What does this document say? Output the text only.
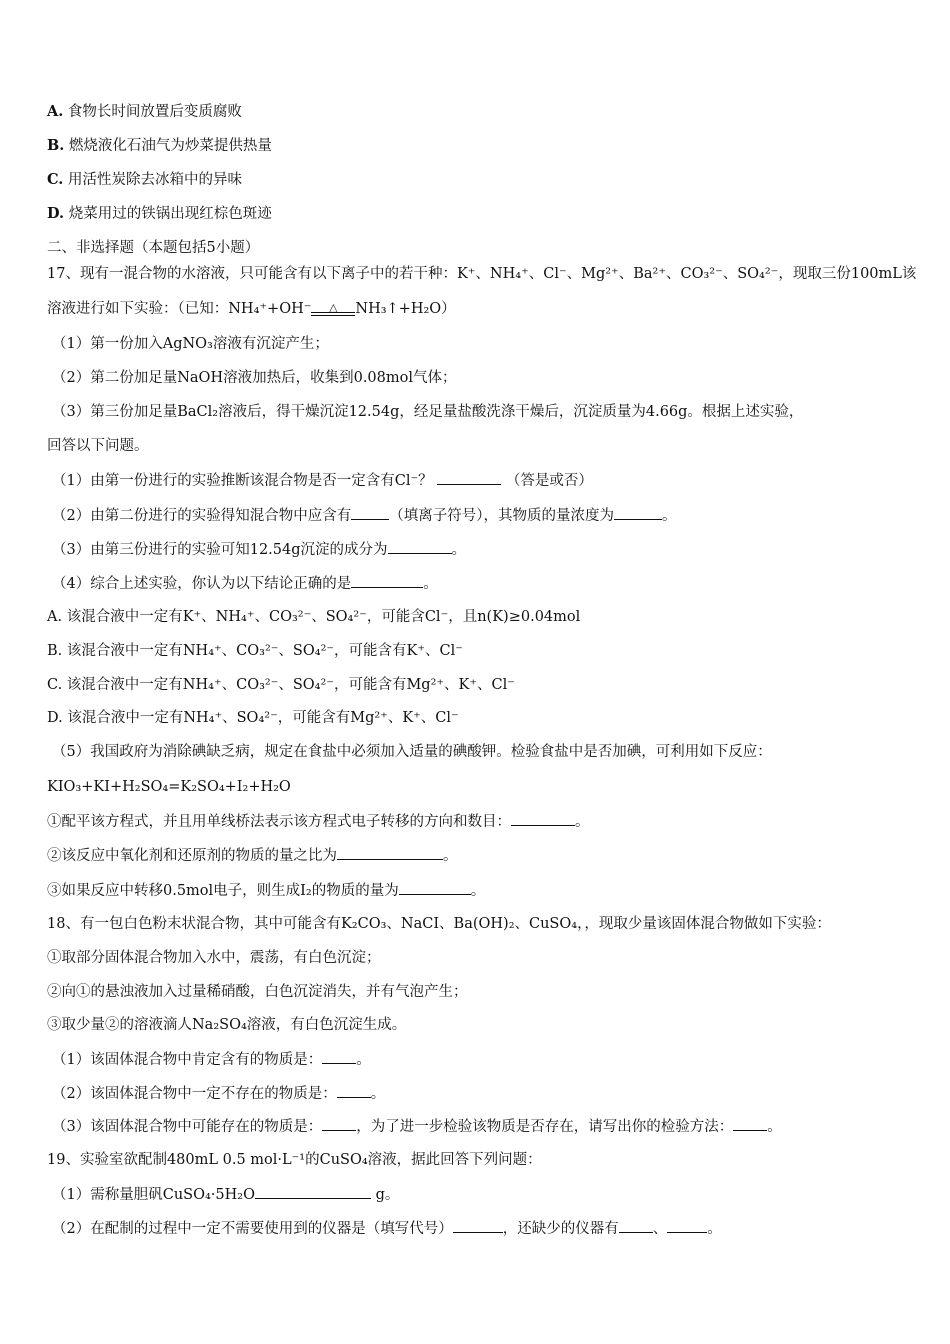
A. 食物长时间放置后变质腐败
B. 燃烧液化石油气为炒菜提供热量
C. 用活性炭除去冰箱中的异味
D. 烧菜用过的铁锅出现红棕色斑迹
二、非选择题（本题包括5小题）
17、现有一混合物的水溶液，只可能含有以下离子中的若干种：K⁺、NH₄⁺、Cl⁻、Mg²⁺、Ba²⁺、CO₃²⁻、SO₄²⁻，现取三份100mL该
溶液进行如下实验：（已知：NH₄⁺+OH⁻	△	NH₃↑+H₂O）
（1）第一份加入AgNO₃溶液有沉淀产生；
（2）第二份加足量NaOH溶液加热后，收集到0.08mol气体；
（3）第三份加足量BaCl₂溶液后，得干燥沉淀12.54g，经足量盐酸洗涤干燥后，沉淀质量为4.66g。根据上述实验，
回答以下问题。
（1）由第一份进行的实验推断该混合物是否一定含有Cl⁻？	（答是或否）
（2）由第二份进行的实验得知混合物中应含有	（填离子符号），其物质的量浓度为	。
（3）由第三份进行的实验可知12.54g沉淀的成分为	。
（4）综合上述实验，你认为以下结论正确的是	。
A. 该混合液中一定有K⁺、NH₄⁺、CO₃²⁻、SO₄²⁻，可能含Cl⁻，且n(K)≥0.04mol
B. 该混合液中一定有NH₄⁺、CO₃²⁻、SO₄²⁻，可能含有K⁺、Cl⁻
C. 该混合液中一定有NH₄⁺、CO₃²⁻、SO₄²⁻，可能含有Mg²⁺、K⁺、Cl⁻
D. 该混合液中一定有NH₄⁺、SO₄²⁻，可能含有Mg²⁺、K⁺、Cl⁻
（5）我国政府为消除碘缺乏病，规定在食盐中必须加入适量的碘酸钾。检验食盐中是否加碘，可利用如下反应：
KIO₃+KI+H₂SO₄=K₂SO₄+I₂+H₂O
①配平该方程式，并且用单线桥法表示该方程式电子转移的方向和数目：	。
②该反应中氧化剂和还原剂的物质的量之比为	。
③如果反应中转移0.5mol电子，则生成I₂的物质的量为	。
18、有一包白色粉末状混合物，其中可能含有K₂CO₃、NaCI、Ba(OH)₂、CuSO₄，，现取少量该固体混合物做如下实验：
①取部分固体混合物加入水中，震荡，有白色沉淀；
②向①的悬浊液加入过量稀硝酸，白色沉淀消失，并有气泡产生；
③取少量②的溶液滴人Na₂SO₄溶液，有白色沉淀生成。
（1）该固体混合物中肯定含有的物质是： 。
（2）该固体混合物中一定不存在的物质是： 。
（3）该固体混合物中可能存在的物质是： ，为了进一步检验该物质是否存在，请写出你的检验方法： 。
19、实验室欲配制480mL 0.5 mol·L⁻¹的CuSO₄溶液，据此回答下列问题：
（1）需称量胆矾CuSO₄·5H₂O	g。
（2）在配制的过程中一定不需要使用到的仪器是（填写代号）	，还缺少的仪器有 、	。
